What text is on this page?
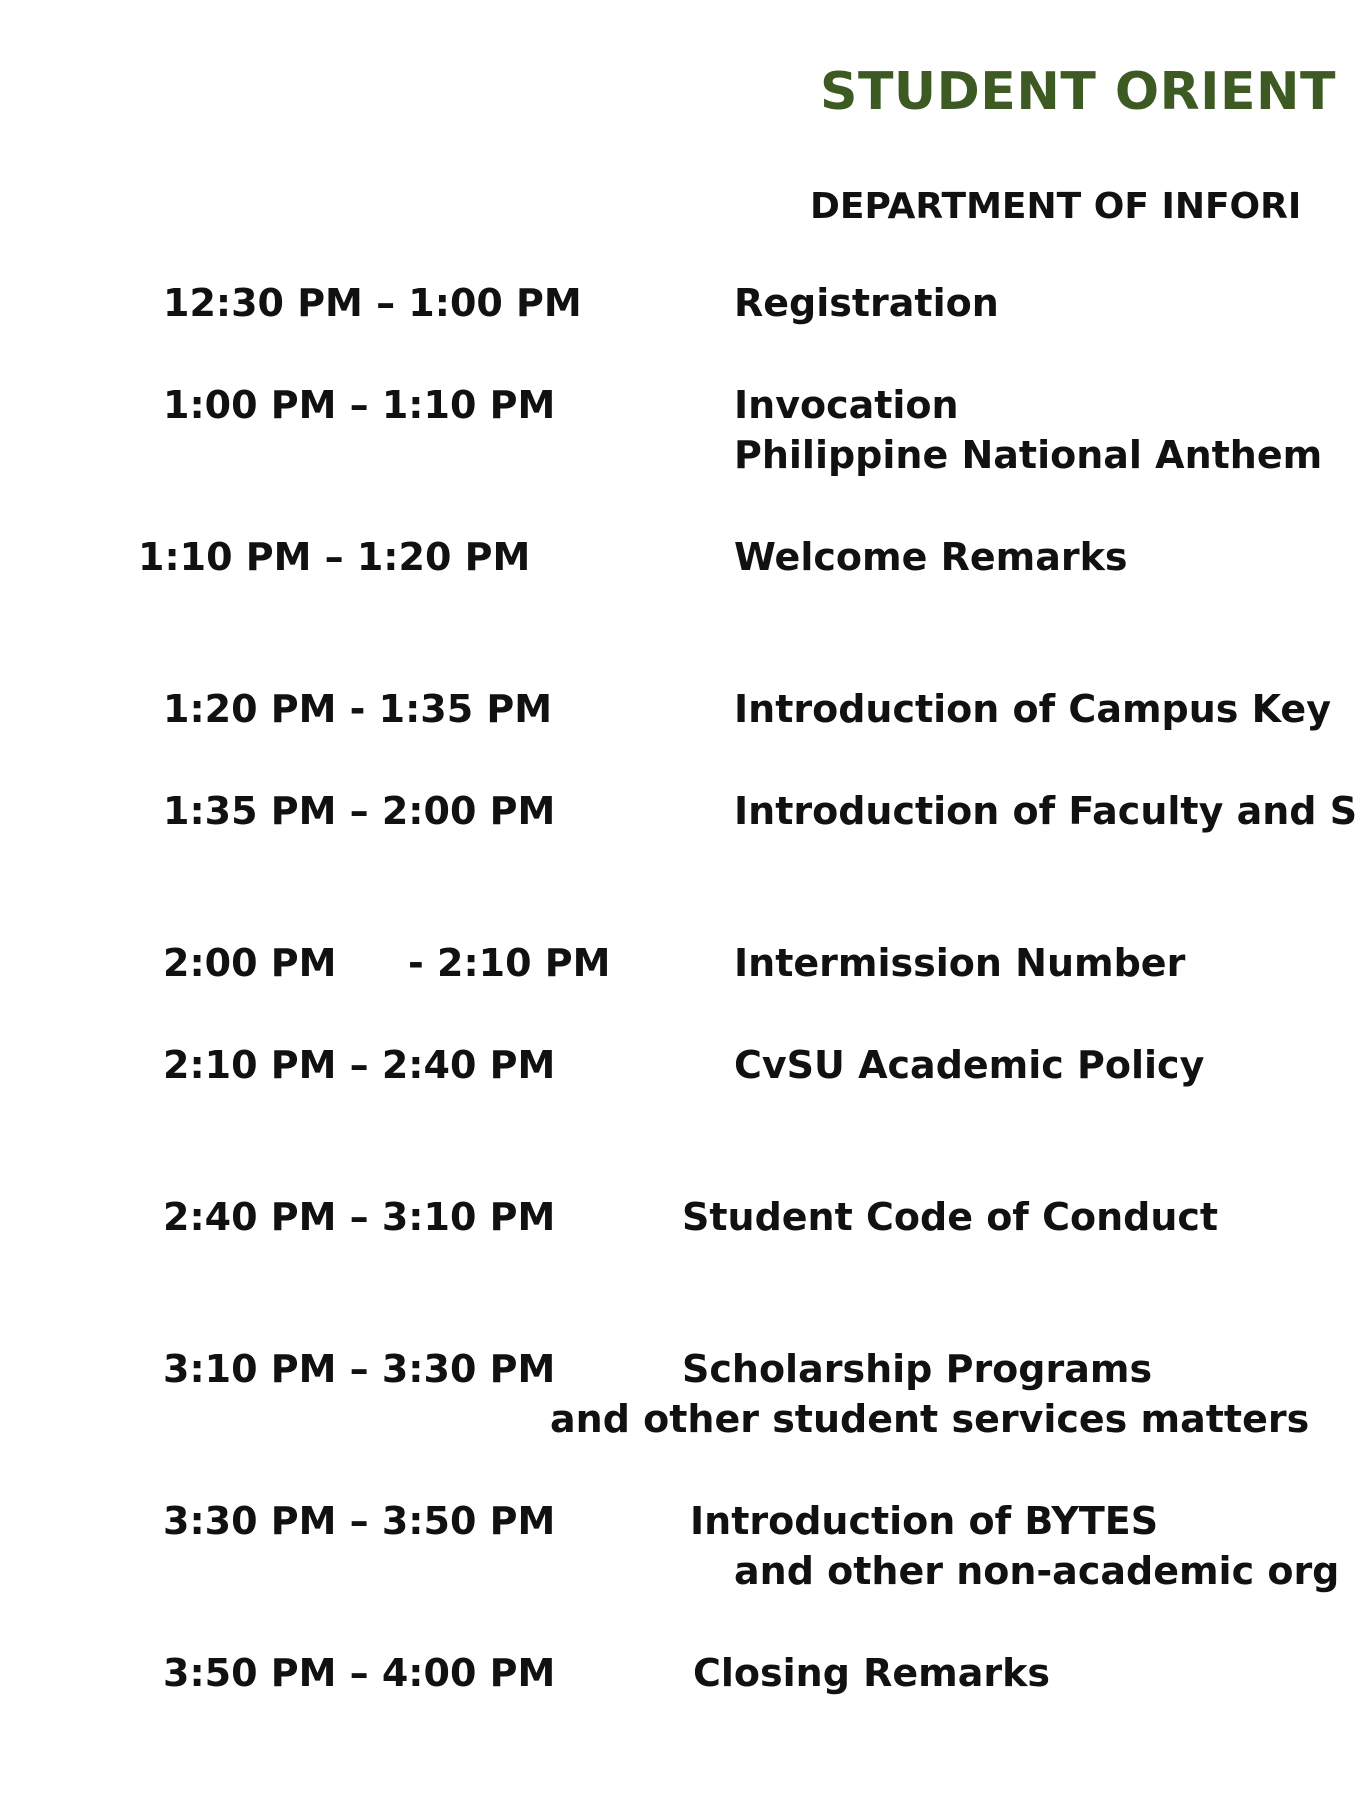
STUDENT ORIENT
DEPARTMENT OF INFORI
12:30 PM – 1:00 PM	Registration
1:00 PM – 1:10 PM	Invocation
Philippine National Anthem
1:10 PM – 1:20 PM	Welcome Remarks
1:20 PM - 1:35 PM	Introduction of Campus Key
1:35 PM – 2:00 PM	Introduction of Faculty and S
2:00 PM - 2:10 PM	Intermission Number
2:10 PM – 2:40 PM	CvSU Academic Policy
2:40 PM – 3:10 PM	Student Code of Conduct
3:10 PM – 3:30 PM	Scholarship Programs
and other student services matters
3:30 PM – 3:50 PM	Introduction of BYTES
and other non-academic org
3:50 PM – 4:00 PM	Closing Remarks
